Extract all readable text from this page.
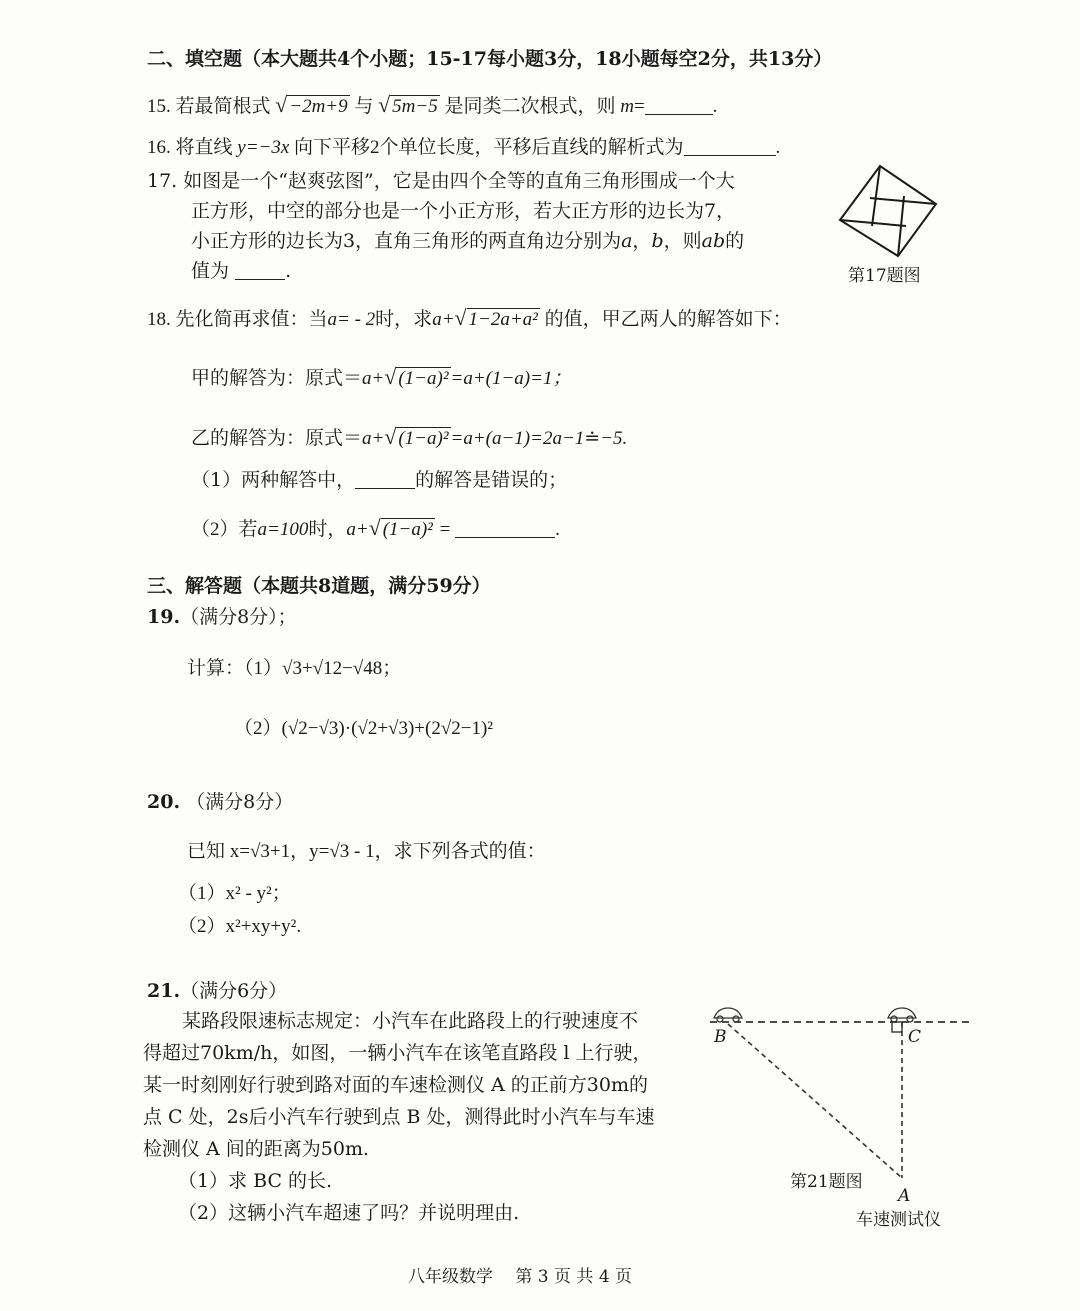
二、填空题（本大题共4个小题；15-17每小题3分，18小题每空2分，共13分）
15. 若最简根式 √ −2m+9 与 √ 5m−5 是同类二次根式，则 m=	.
16. 将直线 y=−3x 向下平移2个单位长度，平移后直线的解析式为	.
17. 如图是一个“赵爽弦图”，它是由四个全等的直角三角形围成一个大
正方形，中空的部分也是一个小正方形，若大正方形的边长为7，
小正方形的边长为3，直角三角形的两直角边分别为a，b，则ab的
值为	.	第17题图
18. 先化简再求值：当a= - 2时，求a+√ 1−2a+a² 的值，甲乙两人的解答如下：
甲的解答为：原式＝a+√ (1−a)² =a+(1−a)=1；
乙的解答为：原式＝a+√ (1−a)² =a+(a−1)=2a−1≐−5.
（1）两种解答中，	的解答是错误的；
（2）若a=100时，a+√ (1−a)² =	.
三、解答题（本题共8道题，满分59分）
19.（满分8分）；
计算：（1）√3+√12−√48；
（2）(√2−√3)·(√2+√3)+(2√2−1)²
20. （满分8分）
已知 x=√3+1，y=√3 - 1，求下列各式的值：
（1）x² - y²；
（2）x²+xy+y².
21.（满分6分）
某路段限速标志规定：小汽车在此路段上的行驶速度不
得超过70km/h，如图，一辆小汽车在该笔直路段 l 上行驶，
某一时刻刚好行驶到路对面的车速检测仪 A 的正前方30m的
点 C 处，2s后小汽车行驶到点 B 处，测得此时小汽车与车速
检测仪 A 间的距离为50m.
（1）求 BC 的长.
（2）这辆小汽车超速了吗？并说明理由.
B	C
A
第21题图
车速测试仪
八年级数学　 第 3 页 共 4 页
